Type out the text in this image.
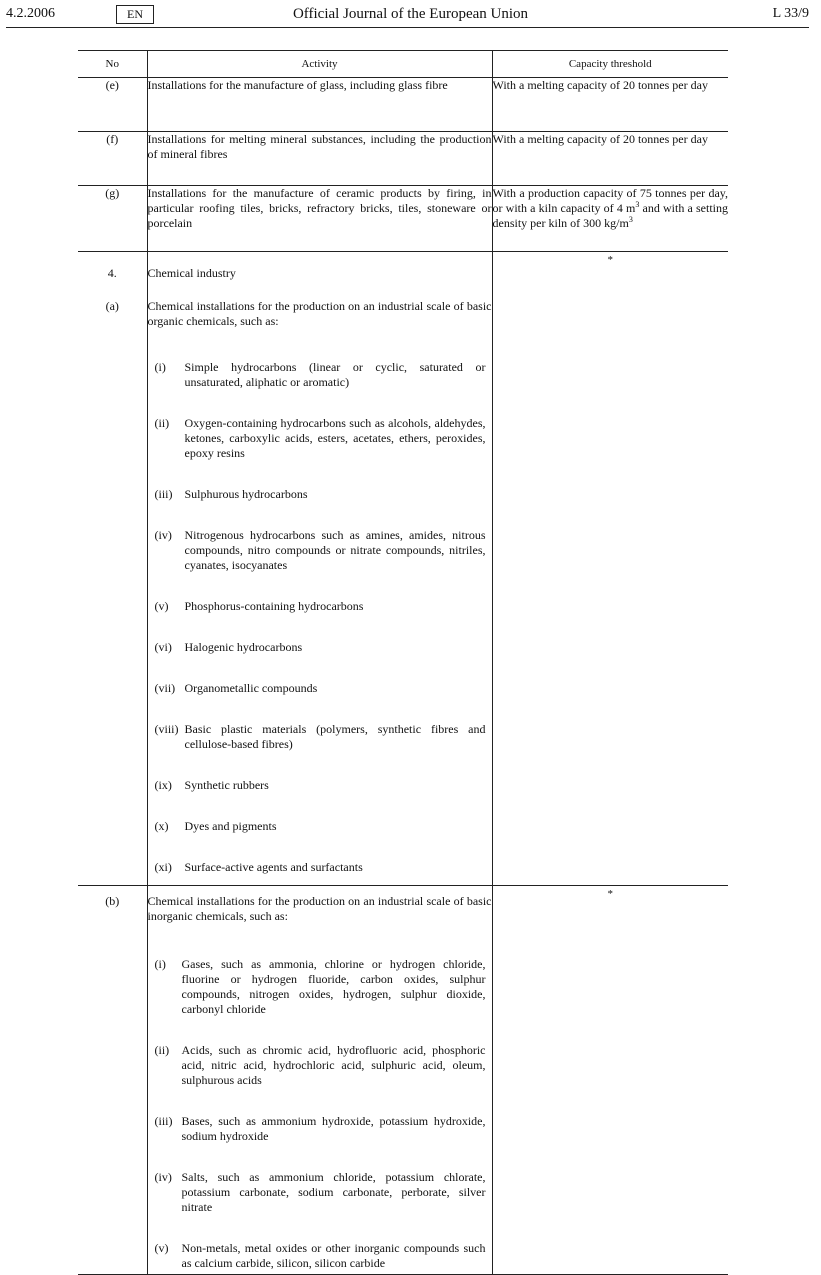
4.2.2006	EN	Official Journal of the European Union	L 33/9
No	Activity	Capacity threshold
(e)	Installations for the manufacture of glass, including glass fibre	With a melting capacity of 20 tonnes per day
(f)	Installations for melting mineral substances, including the production of mineral fibres	With a melting capacity of 20 tonnes per day
(g)	Installations for the manufacture of ceramic products by firing, in particular roofing tiles, bricks, refractory bricks, tiles, stoneware or porcelain	With a production capacity of 75 tonnes per day, or with a kiln capacity of 4 $m^3$ and with a setting density per kiln of 300 $kg/m^3$
4.	Chemical industry	*
(a)	Chemical installations for the production on an industrial scale of basic organic chemicals, such as:	

	(i) Simple hydrocarbons (linear or cyclic, saturated or unsaturated, aliphatic or aromatic)	

	(ii) Oxygen-containing hydrocarbons such as alcohols, aldehydes, ketones, carboxylic acids, esters, acetates, ethers, peroxides, epoxy resins	

	(iii) Sulphurous hydrocarbons	

	(iv) Nitrogenous hydrocarbons such as amines, amides, nitrous compounds, nitro compounds or nitrate compounds, nitriles, cyanates, isocyanates	

	(v) Phosphorus-containing hydrocarbons	

	(vi) Halogenic hydrocarbons	

	(vii) Organometallic compounds	

	(viii) Basic plastic materials (polymers, synthetic fibres and cellulose-based fibres)	

	(ix) Synthetic rubbers	

	(x) Dyes and pigments	

	(xi) Surface-active agents and surfactants	

(b)	Chemical installations for the production on an industrial scale of basic inorganic chemicals, such as:	*

	(i) Gases, such as ammonia, chlorine or hydrogen chloride, fluorine or hydrogen fluoride, carbon oxides, sulphur compounds, nitrogen oxides, hydrogen, sulphur dioxide, carbonyl chloride	

	(ii) Acids, such as chromic acid, hydrofluoric acid, phosphoric acid, nitric acid, hydrochloric acid, sulphuric acid, oleum, sulphurous acids	

	(iii) Bases, such as ammonium hydroxide, potassium hydroxide, sodium hydroxide	

	(iv) Salts, such as ammonium chloride, potassium chlorate, potassium carbonate, sodium carbonate, perborate, silver nitrate	

	(v) Non-metals, metal oxides or other inorganic compounds such as calcium carbide, silicon, silicon carbide	
